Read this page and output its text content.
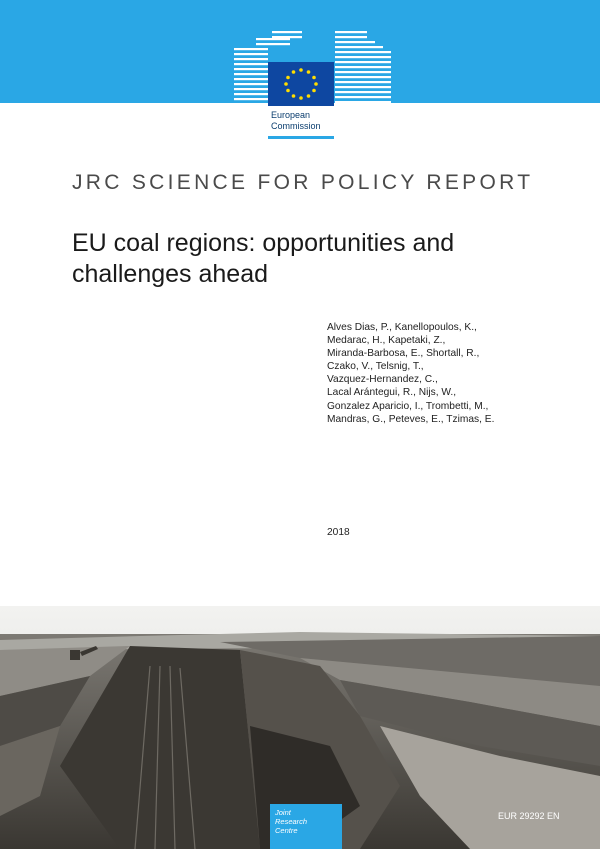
European
Commission
JRC SCIENCE FOR POLICY REPORT
EU coal regions: opportunities and
challenges ahead
Alves Dias, P., Kanellopoulos, K.,
Medarac, H., Kapetaki, Z.,
Miranda-Barbosa, E., Shortall, R.,
Czako, V., Telsnig, T.,
Vazquez-Hernandez, C.,
Lacal Arántegui, R., Nijs, W.,
Gonzalez Aparicio, I., Trombetti, M.,
Mandras, G., Peteves, E., Tzimas, E.
2018
Joint
Research
Centre
EUR 29292 EN
